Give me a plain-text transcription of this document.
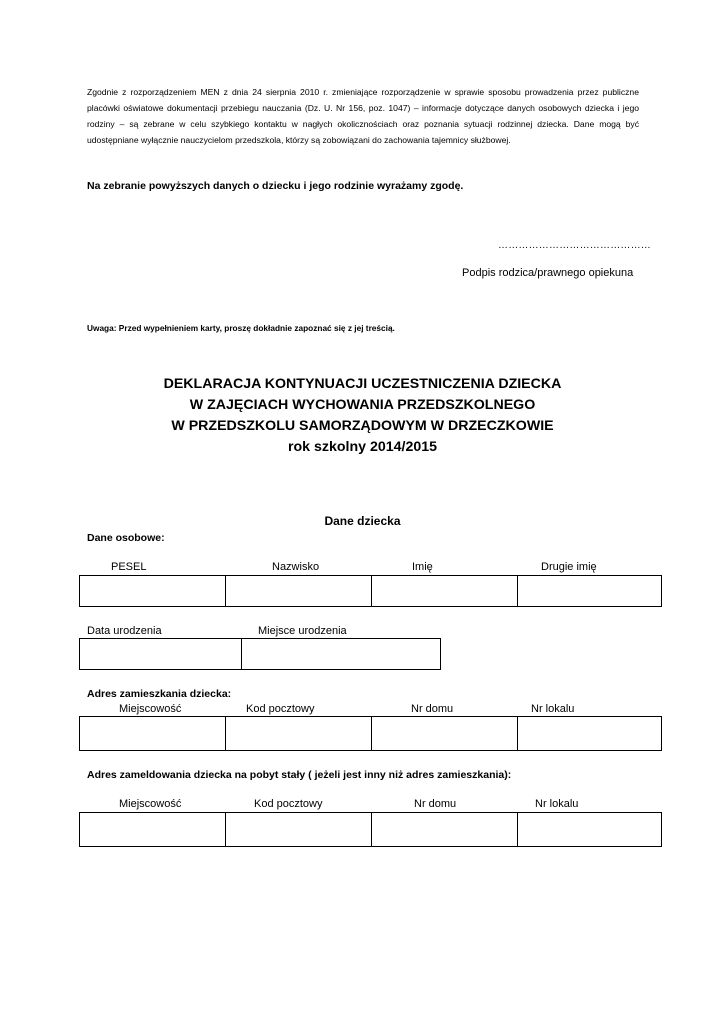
Zgodnie z rozporządzeniem MEN z dnia 24 sierpnia 2010 r. zmieniające rozporządzenie w sprawie sposobu prowadzenia przez publiczne placówki oświatowe dokumentacji przebiegu nauczania (Dz. U. Nr 156, poz. 1047) – informacje dotyczące danych osobowych dziecka i jego rodziny – są zebrane w celu szybkiego kontaktu w nagłych okolicznościach oraz poznania sytuacji rodzinnej dziecka. Dane mogą być udostępniane wyłącznie nauczycielom przedszkola, którzy są zobowiązani do zachowania tajemnicy służbowej.
Na zebranie powyższych danych o dziecku i jego rodzinie wyrażamy zgodę.
………………………………………
Podpis rodzica/prawnego opiekuna
Uwaga: Przed wypełnieniem karty, proszę dokładnie zapoznać się z jej treścią.
DEKLARACJA KONTYNUACJI UCZESTNICZENIA DZIECKA
W ZAJĘCIACH WYCHOWANIA PRZEDSZKOLNEGO
W PRZEDSZKOLU SAMORZĄDOWYM W DRZECZKOWIE
rok szkolny 2014/2015
Dane dziecka
Dane osobowe:
PESEL	Nazwisko	Imię	Drugie imię

Data urodzenia	Miejsce urodzenia

Adres zamieszkania dziecka:
Miejscowość	Kod pocztowy	Nr domu	Nr lokalu

Adres zameldowania dziecka na pobyt stały ( jeżeli jest inny niż adres zamieszkania):
Miejscowość	Kod pocztowy	Nr domu	Nr lokalu
